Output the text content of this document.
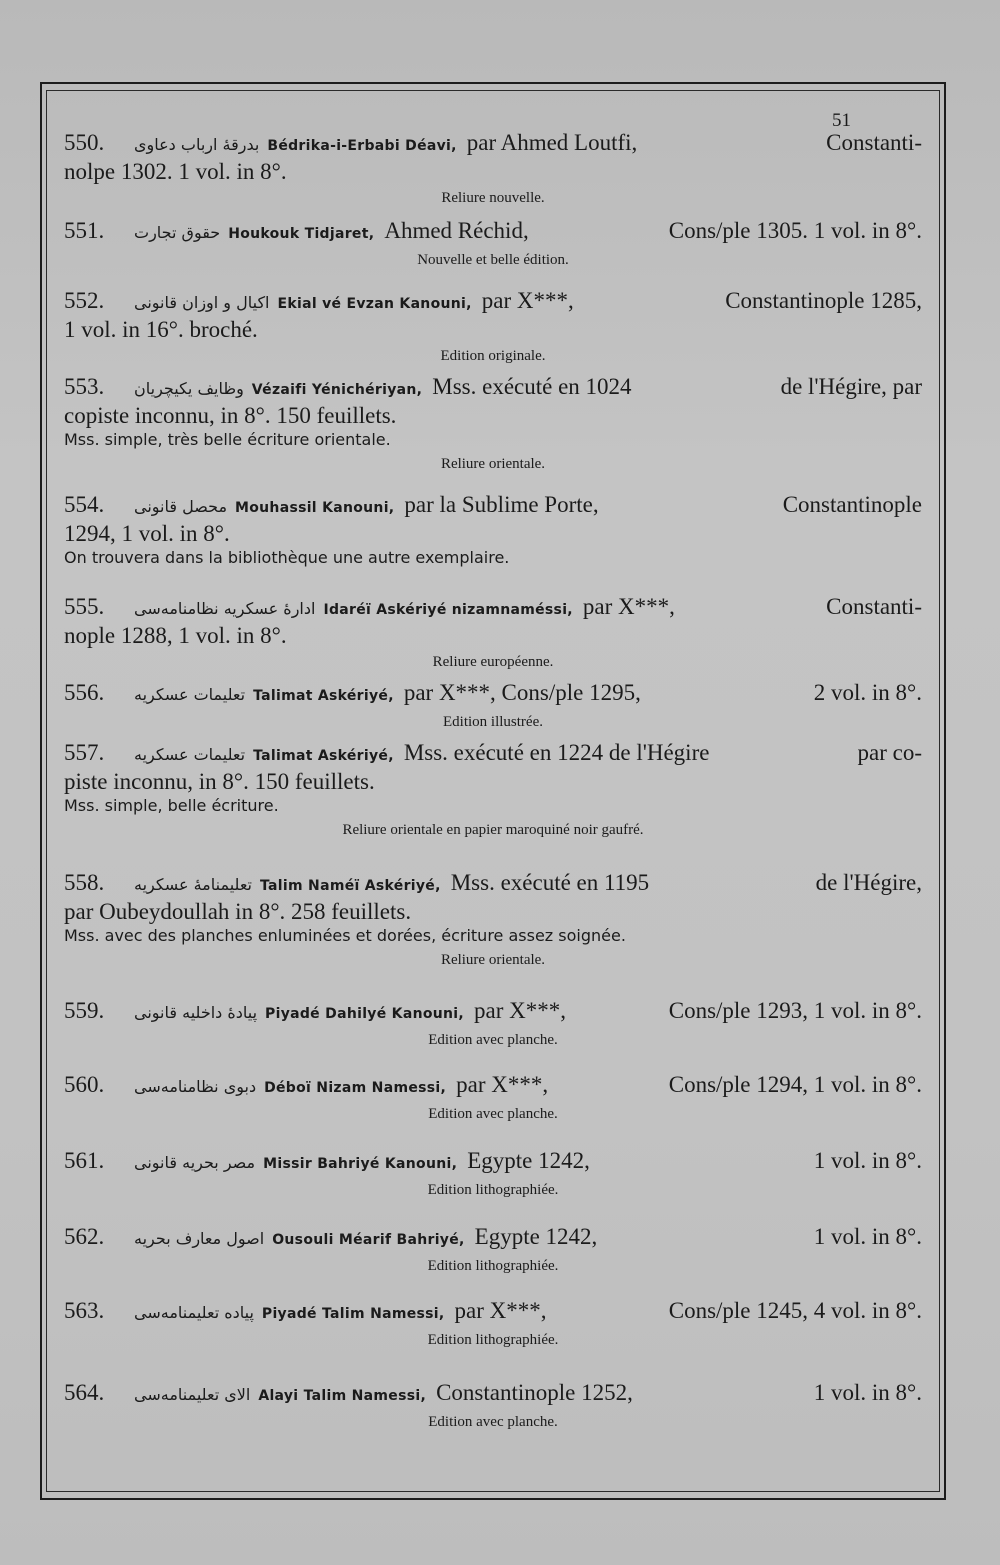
51
550.	بدرقهٔ ارباب دعاوی Bédrika-i-Erbabi Déavi, par Ahmed Loutfi,	Constanti-
nolpe 1302. 1 vol. in 8°.
Reliure nouvelle.
551.	حقوق تجارت Houkouk Tidjaret, Ahmed Réchid,	Cons/ple 1305. 1 vol. in 8°.
Nouvelle et belle édition.
552.	اکیال و اوزان قانونی Ekial vé Evzan Kanouni, par X***,	Constantinople 1285,
1 vol. in 16°. broché.
Edition originale.
553.	وظایف یکیچریان Vézaifi Yénichériyan, Mss. exécuté en 1024	de l'Hégire, par
copiste inconnu, in 8°. 150 feuillets.
Mss. simple, très belle écriture orientale.
Reliure orientale.
554.	محصل قانونی Mouhassil Kanouni, par la Sublime Porte,	Constantinople
1294, 1 vol. in 8°.
On trouvera dans la bibliothèque une autre exemplaire.
555.	ادارهٔ عسکریه نظامنامه‌سی Idaréï Askériyé nizamnaméssi, par X***,	Constanti-
nople 1288, 1 vol. in 8°.
Reliure européenne.
556.	تعلیمات عسکریه Talimat Askériyé, par X***, Cons/ple 1295,	2 vol. in 8°.
Edition illustrée.
557.	تعلیمات عسکریه Talimat Askériyé, Mss. exécuté en 1224 de l'Hégire	par co-
piste inconnu, in 8°. 150 feuillets.
Mss. simple, belle écriture.
Reliure orientale en papier maroquiné noir gaufré.
558.	تعلیمنامهٔ عسکریه Talim Naméï Askériyé, Mss. exécuté en 1195	de l'Hégire,
par Oubeydoullah in 8°. 258 feuillets.
Mss. avec des planches enluminées et dorées, écriture assez soignée.
Reliure orientale.
559.	پیادهٔ داخلیه قانونی Piyadé Dahilyé Kanouni, par X***,	Cons/ple 1293, 1 vol. in 8°.
Edition avec planche.
560.	دبوی نظامنامه‌سی Déboï Nizam Namessi, par X***,	Cons/ple 1294, 1 vol. in 8°.
Edition avec planche.
561.	مصر بحریه قانونی Missir Bahriyé Kanouni, Egypte 1242,	1 vol. in 8°.
Edition lithographiée.
562.	اصول معارف بحریه Ousouli Méarif Bahriyé, Egypte 1242,	1 vol. in 8°.
Edition lithographiée.
563.	پیاده تعلیمنامه‌سی Piyadé Talim Namessi, par X***,	Cons/ple 1245, 4 vol. in 8°.
Edition lithographiée.
564.	الای تعلیمنامه‌سی Alayi Talim Namessi, Constantinople 1252,	1 vol. in 8°.
Edition avec planche.
